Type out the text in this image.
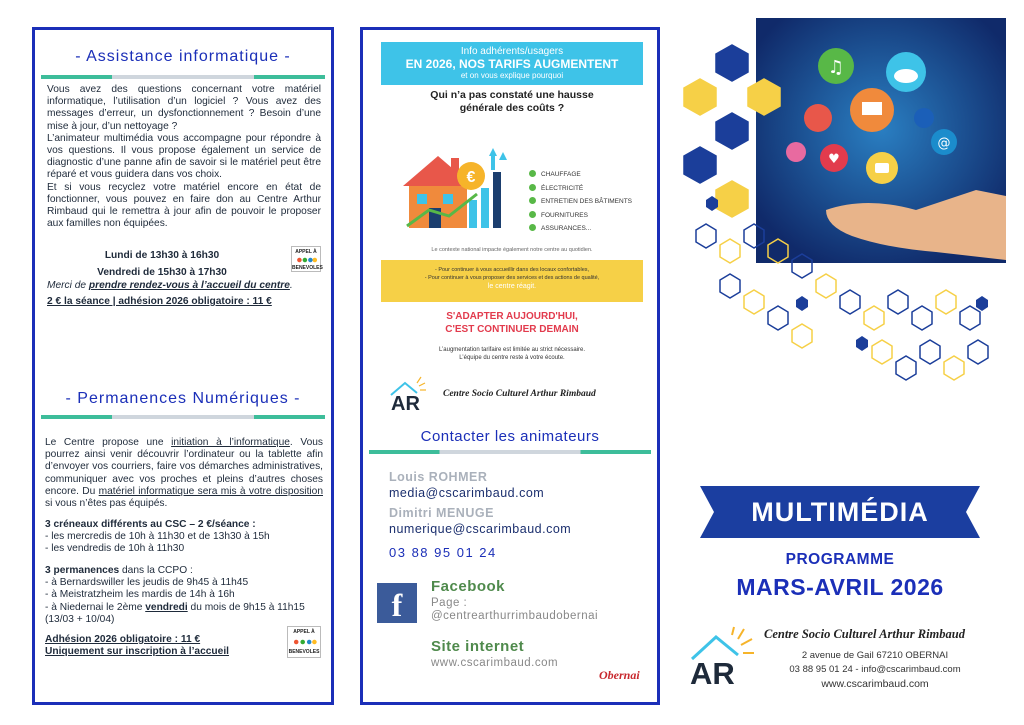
- Assistance informatique -

Vous avez des questions concernant votre matériel informatique, l’utilisation d’un logiciel ? Vous avez des messages d’erreur, un dysfonctionnement ? Besoin d’une mise à jour, d’un nettoyage ?

L’animateur multimédia vous accompagne pour répondre à vos questions. Il vous propose également un service de diagnostic d’une panne afin de savoir si le matériel peut être réparé et vous guidera dans vos choix.

Et si vous recyclez votre matériel encore en état de fonctionner, vous pouvez en faire don au Centre Arthur Rimbaud qui le remettra à jour afin de pouvoir le proposer aux familles non équipées.

Lundi de 13h30 à 16h30
Vendredi de 15h30 à 17h30
Merci de prendre rendez-vous à l’accueil du centre.
2 € la séance | adhésion 2026 obligatoire : 11 €
APPEL À
BENEVOLES
- Permanences Numériques -
Le Centre propose une initiation à l’informatique. Vous pourrez ainsi venir découvrir l’ordinateur ou la tablette afin d’envoyer vos courriers, faire vos démarches administratives, communiquer avec vos proches et pleins d’autres choses encore. Du matériel informatique sera mis à votre disposition si vous n’êtes pas équipés.
3 créneaux différents au CSC – 2 €/séance :
- les mercredis de 10h à 11h30 et de 13h30 à 15h
- les vendredis de 10h à 11h30
3 permanences dans la CCPO :
- à Bernardswiller les jeudis de 9h45 à 11h45
- à Meistratzheim les mardis de 14h à 16h
- à Niedernai le 2ème vendredi du mois de 9h15 à 11h15
(13/03 + 10/04)
Adhésion 2026 obligatoire : 11 €
Uniquement sur inscription à l’accueil
APPEL À
BENEVOLES
Info adhérents/usagers
EN 2026, NOS TARIFS AUGMENTENT
et on vous explique pourquoi
Qui n’a pas constaté une hausse
générale des coûts ?
€	CHAUFFAGE
ÉLECTRICITÉ
ENTRETIEN DES BÂTIMENTS
FOURNITURES
ASSURANCES...
Le contexte national impacte également notre centre au quotidien.
- Pour continuer à vous accueillir dans des locaux confortables,
- Pour continuer à vous proposer des services et des actions de qualité,
le centre réagit.
S'ADAPTER AUJOURD'HUI,
C'EST CONTINUER DEMAIN
L’augmentation tarifaire est limitée au strict nécessaire.
L’équipe du centre reste à votre écoute.
AR Centre Socio Culturel Arthur Rimbaud
Contacter les animateurs
Louis ROHMER
media@cscarimbaud.com
Dimitri MENUGE
numerique@cscarimbaud.com
03 88 95 01 24
f
Facebook
Page :
@centrearthurrimbaudobernai
Site internet
www.cscarimbaud.com
Obernai
♫
@
♥
MULTIMÉDIA
PROGRAMME
MARS-AVRIL 2026
AR
Centre Socio Culturel Arthur Rimbaud
2 avenue de Gail 67210 OBERNAI
03 88 95 01 24 - info@cscarimbaud.com
www.cscarimbaud.com
